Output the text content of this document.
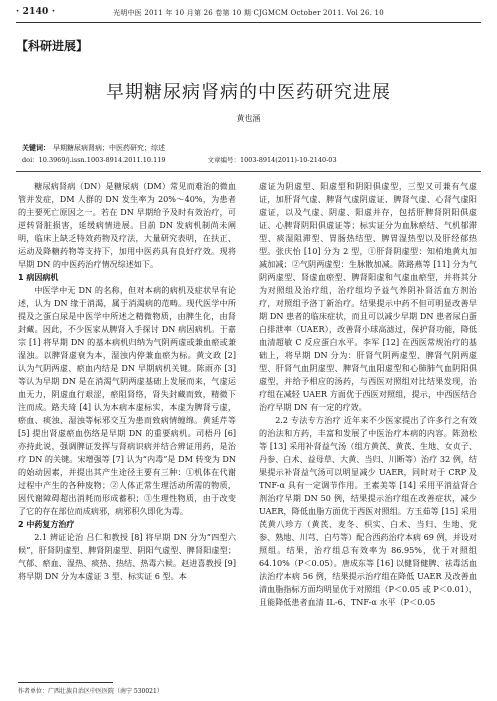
· 2140 ·	光明中医 2011 年 10 月第 26 卷第 10 期 CJGMCM October 2011. Vol 26. 10
【科研进展】
早期糖尿病肾病的中医药研究进展
黄也涵
关键词： 早期糖尿病肾病；中医药研究；综述
doi：10.3969/j.issn.1003-8914.2011.10.119	文章编号：1003-8914(2011)-10-2140-03

糖尿病肾病（DN）是糖尿病（DM）常见而难治的微血管并发症，DM 人群的 DN 发生率为 20%～40%，为患者的主要死亡原因之一。若在 DN 早期给予及时有效治疗，可逆转肾脏损害，延缓病情进展。目前 DN 发病机制尚未阐明，临床上缺乏特效药物及疗法，大量研究表明，在扶正、运动及降糖药物等支持下，加用中医药具有良好疗效。现将早期 DN 的中医药治疗情况综述如下。

1 病因病机

中医学中无 DN 的名称，但对本病的病机及症状早有论述，认为 DN 缘于消渴，属于消渴病的范畴。现代医学中所提及之蛋白尿是中医学中所述之精微物质，由脾生化，由肾封藏。因此，不少医家从脾肾入手探讨 DN 病因病机。于嘉宗 [1] 将早期 DN 的基本病机归纳为气阴两虚或兼血瘀或兼湿浊。以脾肾虚衰为本，湿浊内停兼血瘀为标。黄文政 [2] 认为气阴两虚、瘀血内结是 DN 早期病机关键。陈雨亦 [3] 等认为早期 DN 是在消渴气阴两虚基础上发展而来，气虚运血无力，阴虚血行艰涩，瘀阻肾络，肾失封藏而致，精微下注而成。路夫琦 [4] 认为本病本虚标实，本虚为脾肾亏虚，瘀血、痰浊、湿浊等标邪交互为患而致病情缠绵。黄延芹等 [5] 提出肾虚瘀血伤络是早期 DN 的重要病机。司梧丹 [6] 亦持此说，强调脾证发挥与肾病识病并结合辨证用药，是治疗 DN 的关键。宋增强等 [7] 认为“内毒”是 DM 转变为 DN 的始动因素，并提出其产生途径主要有三种：①机体在代谢过程中产生的各种废物；②人体正常生理活动所需的物质，因代谢障碍超出消耗而形成蓄积；③生理性物质，由于改变了它的存在部位而成病邪，病邪积久即化为毒。

2 中药复方治疗

2.1 辨证论治 吕仁和教授 [8] 将早期 DN 分为“四型六候”，肝肾阴虚型、脾肾阴虚型、阴阳气虚型、脾肾阳虚型；气郁、瘀血、湿热、痰热、热结、热毒六候。赵进喜教授 [9] 将早期 DN 分为本虚证 3 型、标实证 6 型。本

虚证为阴虚型、阳虚型和阴阳俱虚型，三型又可兼有气虚证，加肝肾气虚、脾肾气虚阴虚证、脾肾气虚、心肾气虚阳虚证，以及气虚、阴虚、阳虚并存，包括肝脾肾阴阳俱虚证、心脾肾阴阳俱虚证等；标实证分为血脉瘀结、气机郁滞型、痰湿阻滞型、胃肠热结型、脾胃湿热型以及肝经郁热型。张庆怡 [10] 分为 2 型，①肝肾阴虚型：知柏地黄丸加减加减；②气阴两虚型：生脉散加减。陈路燕等 [11] 分为气阴两虚型、肾虚血瘀型、脾肾阳虚和气虚血瘀型，并将其分为对照组及治疗组，治疗组均予益气养阴补肾活血方剂治疗，对照组予洛丁新治疗。结果提示中药不但可明显改善早期 DN 患者的临床症状，而且可以减少早期 DN 患者尿白蛋白排泄率（UAER），改善肾小球高滤过，保护肾功能，降低血清超敏 C 反应蛋白水平。李军 [12] 在西医常规治疗的基础上，将早期 DN 分为：肝肾气阴两虚型、脾肾气阴两虚型、肝肾气血阴虚型、脾肾气血阳虚型和心肺肺气血阴阳俱虚型，并给予相应的汤药，与西医对照组对比结果发现，治疗组在减轻 UAER 方面优于西医对照组，提示，中西医结合治疗早期 DN 有一定的疗效。

2.2 专法专方治疗 近年来不少医家提出了许多行之有效的治法和方药，丰富和发展了中医治疗本病的内容。陈劲松等 [13] 采用补肾益气汤（组方黄芪、黄芪、生地、女贞子、丹参、白术、益母草、大黄、当归、川断等）治疗 32 例，结果提示补肾益气汤可以明显减少 UAER，同时对于 CRP 及 TNF-α 具有一定调节作用。王素美等 [14] 采用平消益肾合剂治疗早期 DN 50 例，结果提示治疗组在改善症状，减少 UAER，降低血脂方面优于西医对照组。方玉茹等 [15] 采用芪黄八珍方（黄芪、麦冬、枳实、白术、当归、生地、党参、熟地、川芎、白芍等）配合西药治疗本病 69 例，并设对照组。结果，治疗组总有效率为 86.95%，优于对照组 64.10%（P＜0.05）。唐成东等 [16] 以健肾健脾、祛毒活血法治疗本病 56 例，结果提示治疗组在降低 UAER 及改善血清血脂指标方面均明显优于对照组（P＜0.05 或 P＜0.01），且能降低患者血清 IL-6、TNF-α 水平（P＜0.05

作者单位：广西壮族自治区中医医院（南宁 530021）
